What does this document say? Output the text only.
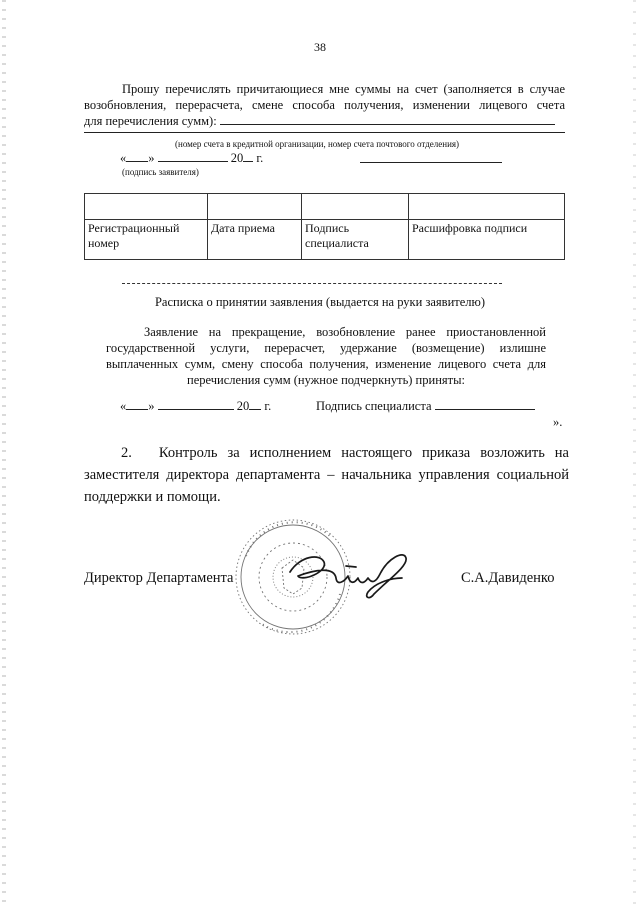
38
Прошу перечислять причитающиеся мне суммы на счет (заполняется в случае
возобновления, перерасчета, смене способа получения, изменении лицевого счета
для перечисления сумм):
(номер счета в кредитной организации, номер счета почтового отделения)
« »	20 г.
(подпись заявителя)

Регистрационный номер	Дата приема	Подпись специалиста	Расшифровка подписи
Расписка о принятии заявления (выдается на руки заявителю)
Заявление на прекращение, возобновление ранее приостановленной
государственной услуги, перерасчет, удержание (возмещение) излишне
выплаченных сумм, смену способа получения, изменение лицевого счета для
перечисления сумм (нужное подчеркнуть) приняты:
« »	20 г.	Подпись специалиста
».
2. Контроль за исполнением настоящего приказа возложить на
заместителя директора департамента – начальника управления социальной
поддержки и помощи.
Директор Департамента	С.А.Давиденко
